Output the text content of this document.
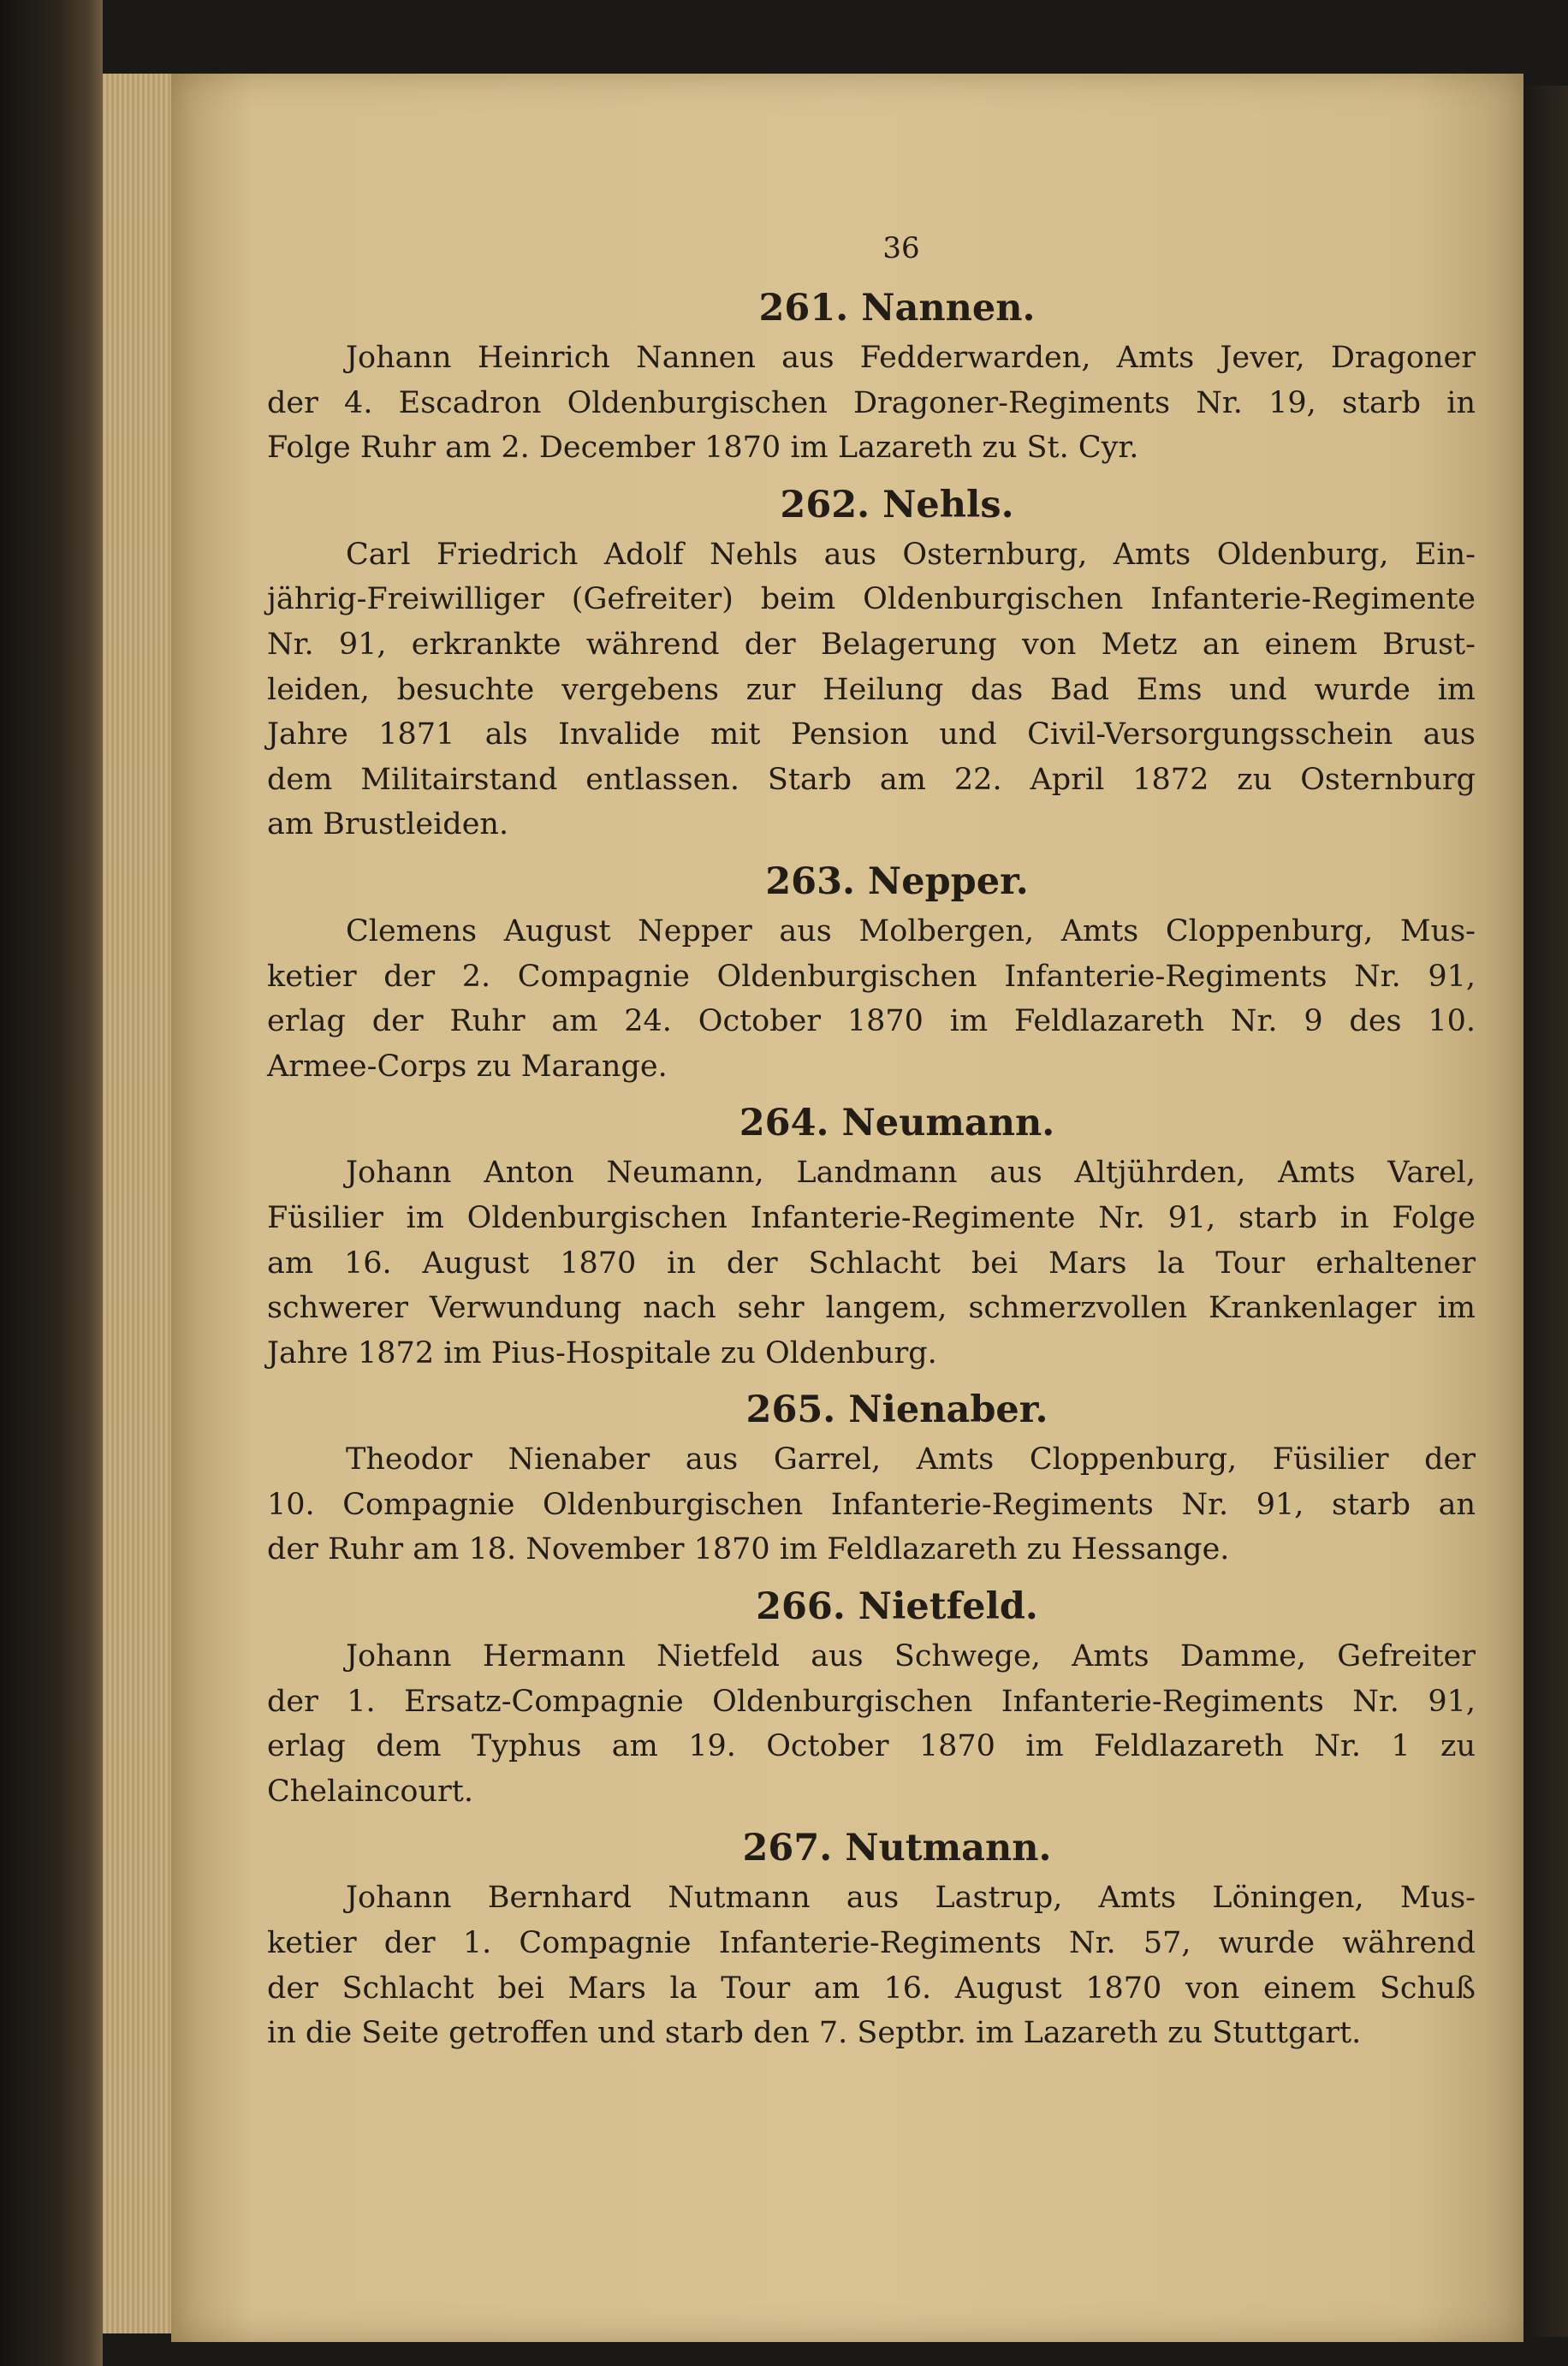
36
261. Nannen.

Johann Heinrich Nannen aus Fedderwarden, Amts Jever, Dragoner

der 4. Escadron Oldenburgischen Dragoner-Regiments Nr. 19, starb in

Folge Ruhr am 2. December 1870 im Lazareth zu St. Cyr.

262. Nehls.

Carl Friedrich Adolf Nehls aus Osternburg, Amts Oldenburg, Ein-

jährig-Freiwilliger (Gefreiter) beim Oldenburgischen Infanterie-Regimente

Nr. 91, erkrankte während der Belagerung von Metz an einem Brust-

leiden, besuchte vergebens zur Heilung das Bad Ems und wurde im

Jahre 1871 als Invalide mit Pension und Civil-Versorgungsschein aus

dem Militairstand entlassen. Starb am 22. April 1872 zu Osternburg

am Brustleiden.

263. Nepper.

Clemens August Nepper aus Molbergen, Amts Cloppenburg, Mus-

ketier der 2. Compagnie Oldenburgischen Infanterie-Regiments Nr. 91,

erlag der Ruhr am 24. October 1870 im Feldlazareth Nr. 9 des 10.

Armee-Corps zu Marange.

264. Neumann.

Johann Anton Neumann, Landmann aus Altjührden, Amts Varel,

Füsilier im Oldenburgischen Infanterie-Regimente Nr. 91, starb in Folge

am 16. August 1870 in der Schlacht bei Mars la Tour erhaltener

schwerer Verwundung nach sehr langem, schmerzvollen Krankenlager im

Jahre 1872 im Pius-Hospitale zu Oldenburg.

265. Nienaber.

Theodor Nienaber aus Garrel, Amts Cloppenburg, Füsilier der

10. Compagnie Oldenburgischen Infanterie-Regiments Nr. 91, starb an

der Ruhr am 18. November 1870 im Feldlazareth zu Hessange.

266. Nietfeld.

Johann Hermann Nietfeld aus Schwege, Amts Damme, Gefreiter

der 1. Ersatz-Compagnie Oldenburgischen Infanterie-Regiments Nr. 91,

erlag dem Typhus am 19. October 1870 im Feldlazareth Nr. 1 zu

Chelaincourt.

267. Nutmann.

Johann Bernhard Nutmann aus Lastrup, Amts Löningen, Mus-

ketier der 1. Compagnie Infanterie-Regiments Nr. 57, wurde während

der Schlacht bei Mars la Tour am 16. August 1870 von einem Schuß

in die Seite getroffen und starb den 7. Septbr. im Lazareth zu Stuttgart.
